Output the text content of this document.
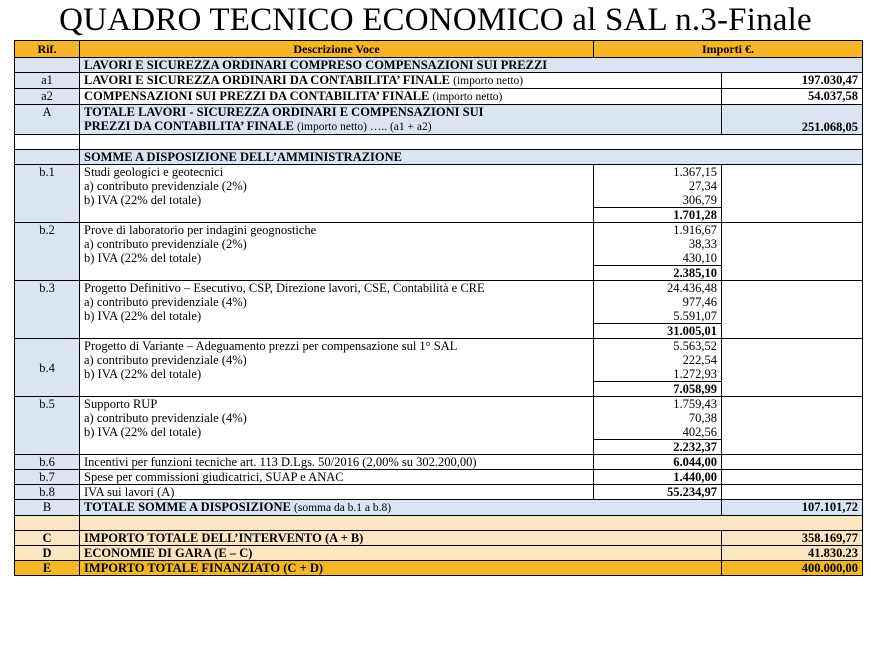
QUADRO TECNICO ECONOMICO al SAL n.3-Finale
Rif.	Descrizione Voce	Importi €.	
	LAVORI E SICUREZZA ORDINARI COMPRESO COMPENSAZIONI SUI PREZZI		
a1	LAVORI E SICUREZZA ORDINARI DA CONTABILITA’ FINALE (importo netto)		197.030,47
a2	COMPENSAZIONI SUI PREZZI DA CONTABILITA’ FINALE (importo netto)		54.037,58
A	TOTALE LAVORI - SICUREZZA ORDINARI E COMPENSAZIONI SUI
PREZZI DA CONTABILITA’ FINALE (importo netto) ….. (a1 + a2)		251.068,05

	SOMME A DISPOSIZIONE DELL’AMMINISTRAZIONE		
b.1	Studi geologici e geotecnici	1.367,15	
	a) contributo previdenziale (2%)	27,34	
	b) IVA (22% del totale)	306,79	
		1.701,28	
b.2	Prove di laboratorio per indagini geognostiche	1.916,67	
	a) contributo previdenziale (2%)	38,33	
	b) IVA (22% del totale)	430,10	
		2.385,10	
b.3	Progetto Definitivo – Esecutivo, CSP, Direzione lavori, CSE, Contabilità e CRE	24.436,48	
	a) contributo previdenziale (4%)	977,46	
	b) IVA (22% del totale)	5.591,07	
		31.005,01	
b.4	Progetto di Variante – Adeguamento prezzi per compensazione sul 1° SAL	5.563,52	
	a) contributo previdenziale (4%)	222,54	
	b) IVA (22% del totale)	1.272,93	
		7.058,99	
b.5	Supporto RUP	1.759,43	
	a) contributo previdenziale (4%)	70,38	
	b) IVA (22% del totale)	402,56	
		2.232,37	
b.6	Incentivi per funzioni tecniche art. 113 D.Lgs. 50/2016 (2,00% su 302.200,00)	6.044,00	
b.7	Spese per commissioni giudicatrici, SUAP e ANAC	1.440,00	
b.8	IVA sui lavori (A)	55.234,97	
B	TOTALE SOMME A DISPOSIZIONE (somma da b.1 a b.8)		107.101,72

C	IMPORTO TOTALE DELL’INTERVENTO (A + B)		358.169,77
D	ECONOMIE DI GARA (E – C)		41.830.23
E	IMPORTO TOTALE FINANZIATO (C + D)		400.000,00
